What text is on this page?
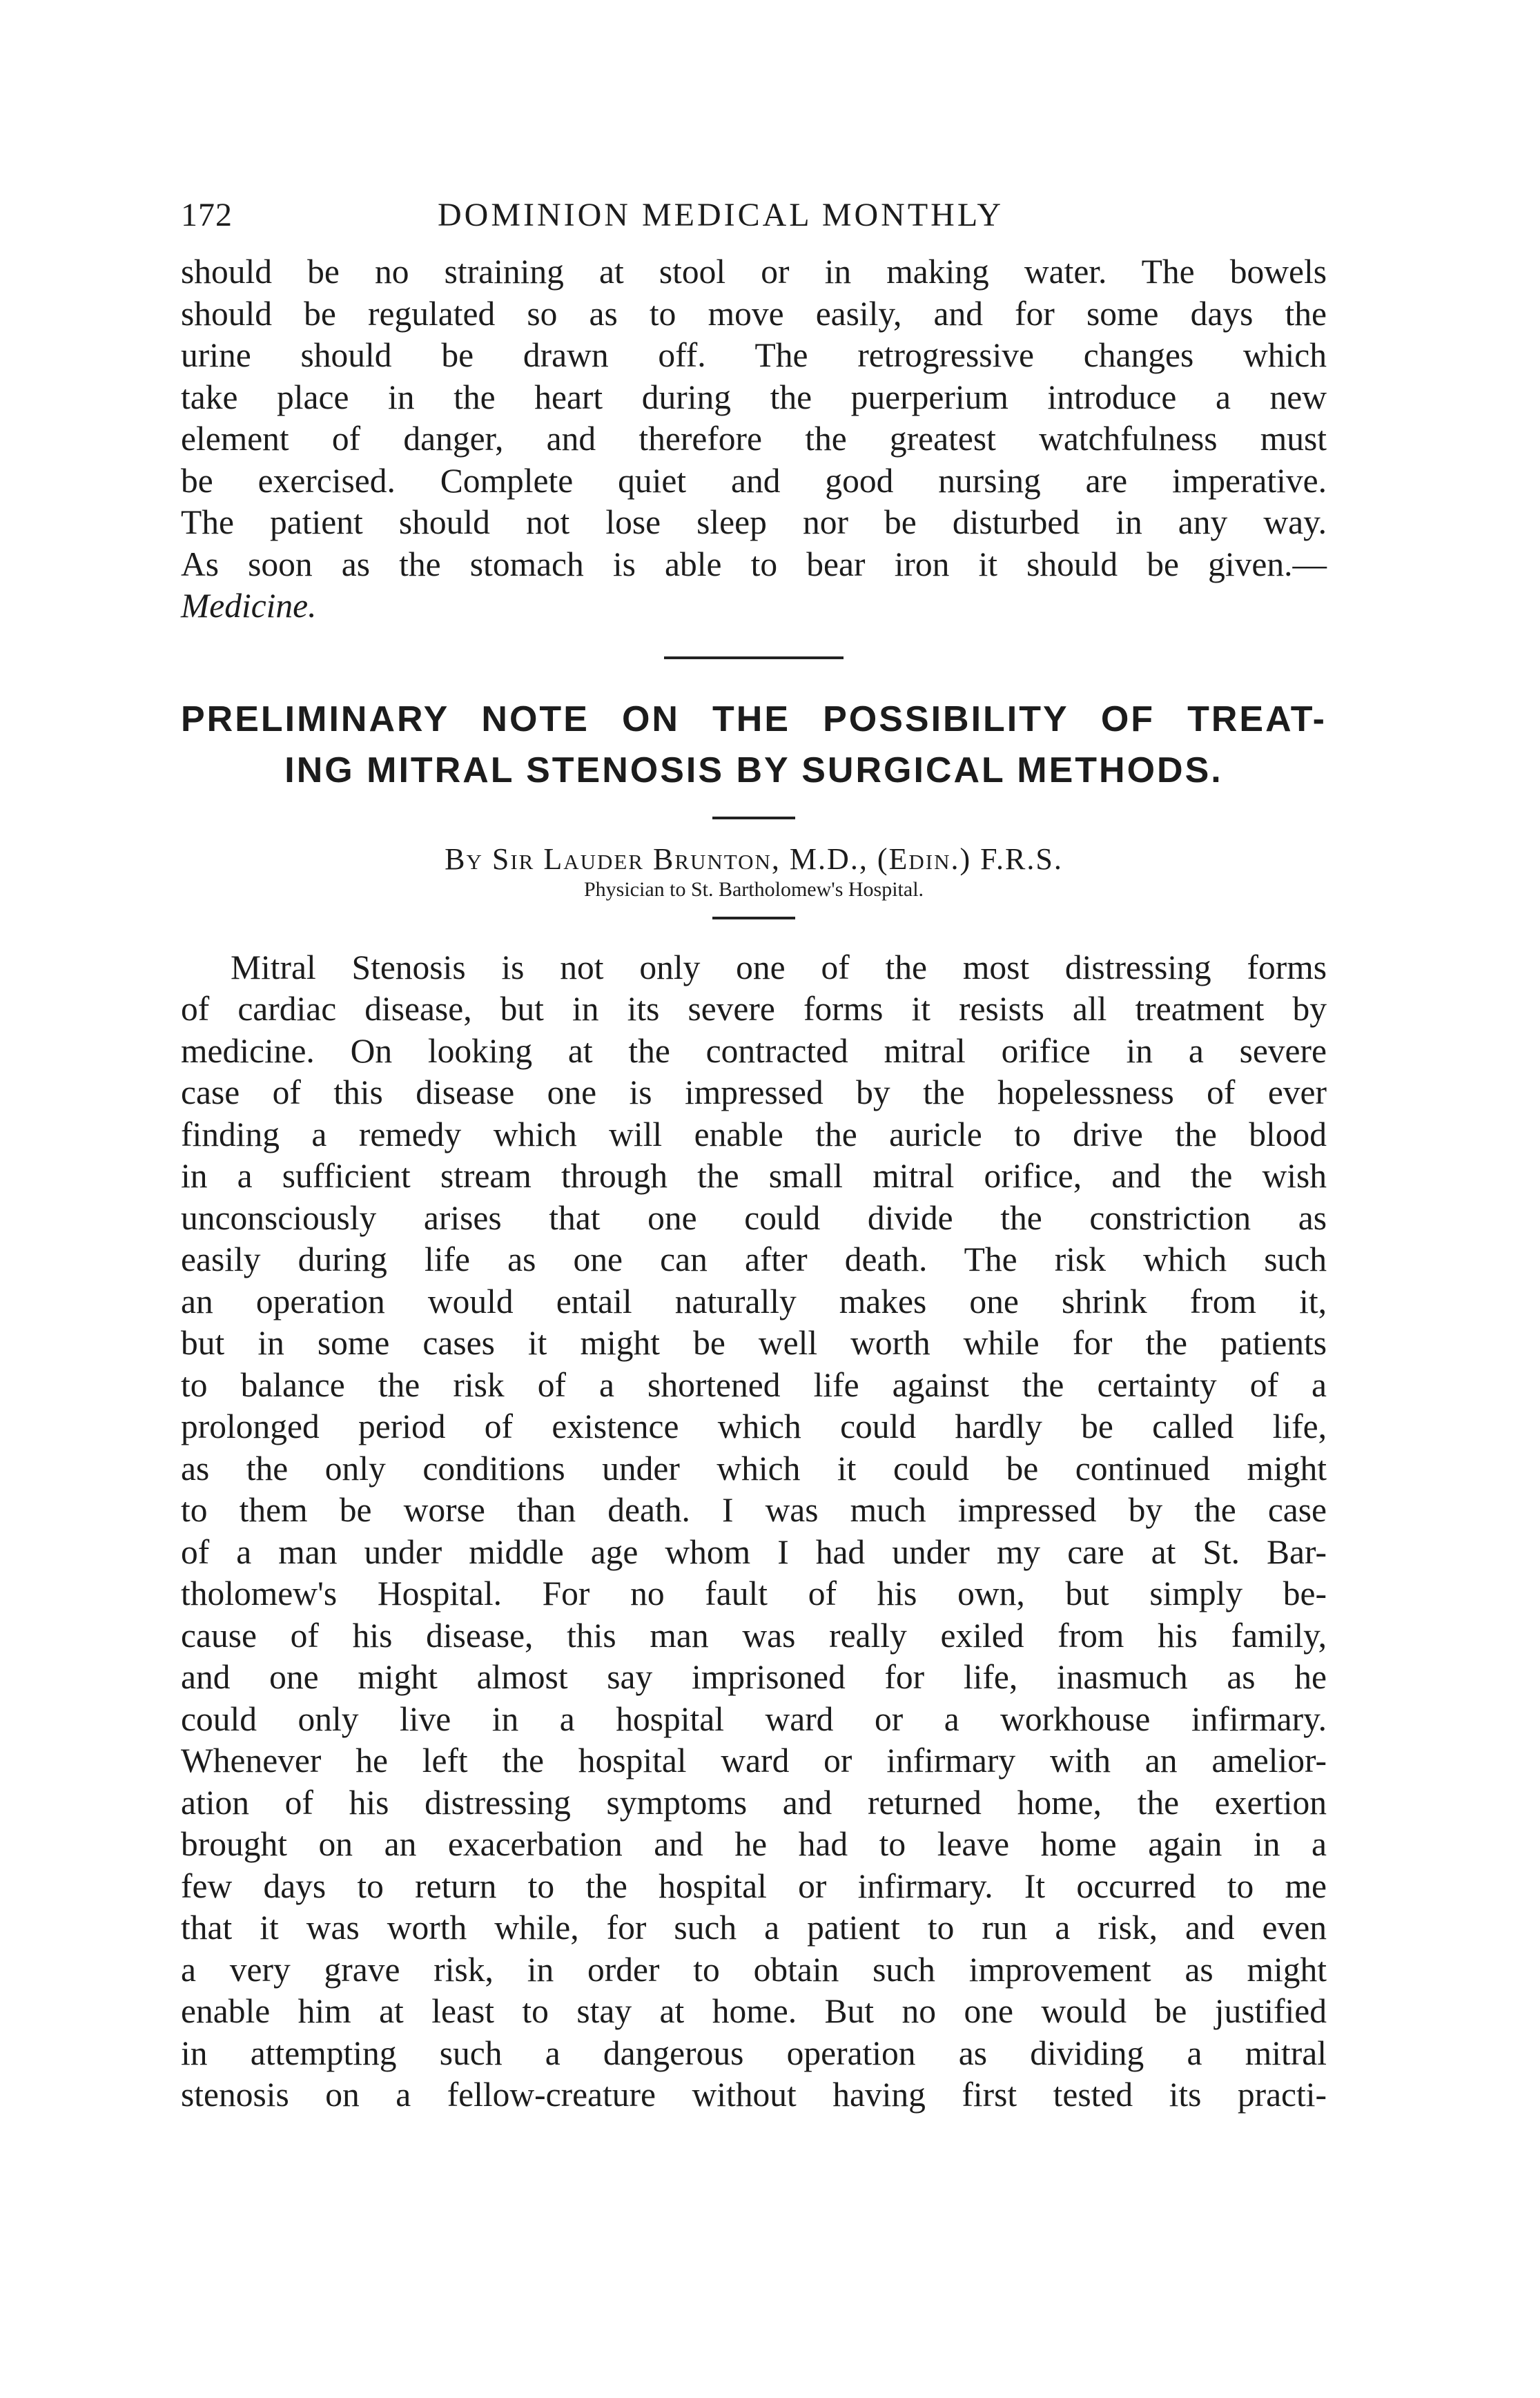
172	DOMINION MEDICAL MONTHLY
should be no straining at stool or in making water. The bowels
should be regulated so as to move easily, and for some days the
urine should be drawn off. The retrogressive changes which
take place in the heart during the puerperium introduce a new
element of danger, and therefore the greatest watchfulness must
be exercised. Complete quiet and good nursing are imperative.
The patient should not lose sleep nor be disturbed in any way.
As soon as the stomach is able to bear iron it should be given.—
Medicine.
PRELIMINARY NOTE ON THE POSSIBILITY OF TREAT-
ING MITRAL STENOSIS BY SURGICAL METHODS.
By Sir Lauder Brunton, M.D., (Edin.) F.R.S.
Physician to St. Bartholomew's Hospital.
Mitral Stenosis is not only one of the most distressing forms
of cardiac disease, but in its severe forms it resists all treatment by
medicine. On looking at the contracted mitral orifice in a severe
case of this disease one is impressed by the hopelessness of ever
finding a remedy which will enable the auricle to drive the blood
in a sufficient stream through the small mitral orifice, and the wish
unconsciously arises that one could divide the constriction as
easily during life as one can after death. The risk which such
an operation would entail naturally makes one shrink from it,
but in some cases it might be well worth while for the patients
to balance the risk of a shortened life against the certainty of a
prolonged period of existence which could hardly be called life,
as the only conditions under which it could be continued might
to them be worse than death. I was much impressed by the case
of a man under middle age whom I had under my care at St. Bar-
tholomew's Hospital. For no fault of his own, but simply be-
cause of his disease, this man was really exiled from his family,
and one might almost say imprisoned for life, inasmuch as he
could only live in a hospital ward or a workhouse infirmary.
Whenever he left the hospital ward or infirmary with an amelior-
ation of his distressing symptoms and returned home, the exertion
brought on an exacerbation and he had to leave home again in a
few days to return to the hospital or infirmary. It occurred to me
that it was worth while, for such a patient to run a risk, and even
a very grave risk, in order to obtain such improvement as might
enable him at least to stay at home. But no one would be justified
in attempting such a dangerous operation as dividing a mitral
stenosis on a fellow-creature without having first tested its practi-
